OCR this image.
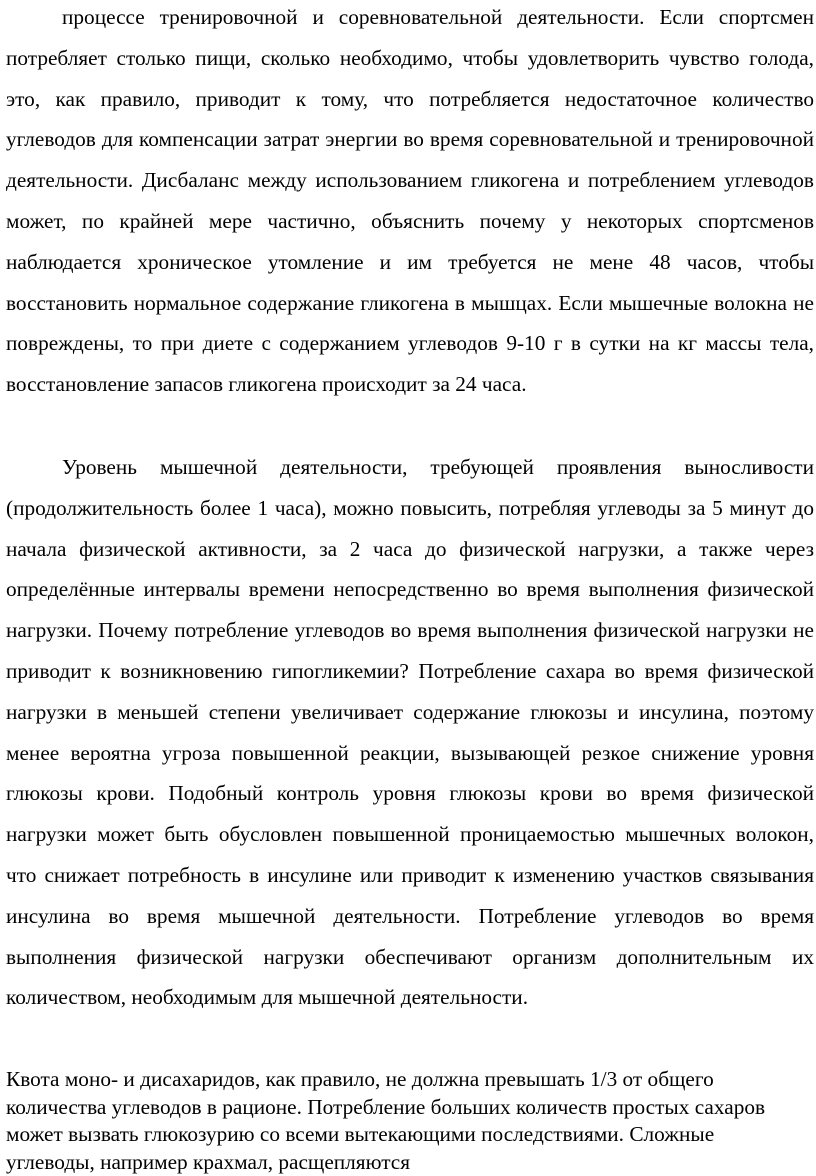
процессе тренировочной и соревновательной деятельности. Если спортсмен потребляет столько пищи, сколько необходимо, чтобы удовлетворить чувство голода, это, как правило, приводит к тому, что потребляется недостаточное количество углеводов для компенсации затрат энергии во время соревновательной и тренировочной деятельности. Дисбаланс между использованием гликогена и потреблением углеводов может, по крайней мере частично, объяснить почему у некоторых спортсменов наблюдается хроническое утомление и им требуется не мене 48 часов, чтобы восстановить нормальное содержание гликогена в мышцах. Если мышечные волокна не повреждены, то при диете с содержанием углеводов 9-10 г в сутки на кг массы тела, восстановление запасов гликогена происходит за 24 часа.

Уровень мышечной деятельности, требующей проявления выносливости (продолжительность более 1 часа), можно повысить, потребляя углеводы за 5 минут до начала физической активности, за 2 часа до физической нагрузки, а также через определённые интервалы времени непосредственно во время выполнения физической нагрузки. Почему потребление углеводов во время выполнения физической нагрузки не приводит к возникновению гипогликемии? Потребление сахара во время физической нагрузки в меньшей степени увеличивает содержание глюкозы и инсулина, поэтому менее вероятна угроза повышенной реакции, вызывающей резкое снижение уровня глюкозы крови. Подобный контроль уровня глюкозы крови во время физической нагрузки может быть обусловлен повышенной проницаемостью мышечных волокон, что снижает потребность в инсулине или приводит к изменению участков связывания инсулина во время мышечной деятельности. Потребление углеводов во время выполнения физической нагрузки обеспечивают организм дополнительным их количеством, необходимым для мышечной деятельности.

Квота моно- и дисахаридов, как правило, не должна превышать 1/3 от общего количества углеводов в рационе. Потребление больших количеств простых сахаров может вызвать глюкозурию со всеми вытекающими последствиями. Сложные углеводы, например крахмал, расщепляются
